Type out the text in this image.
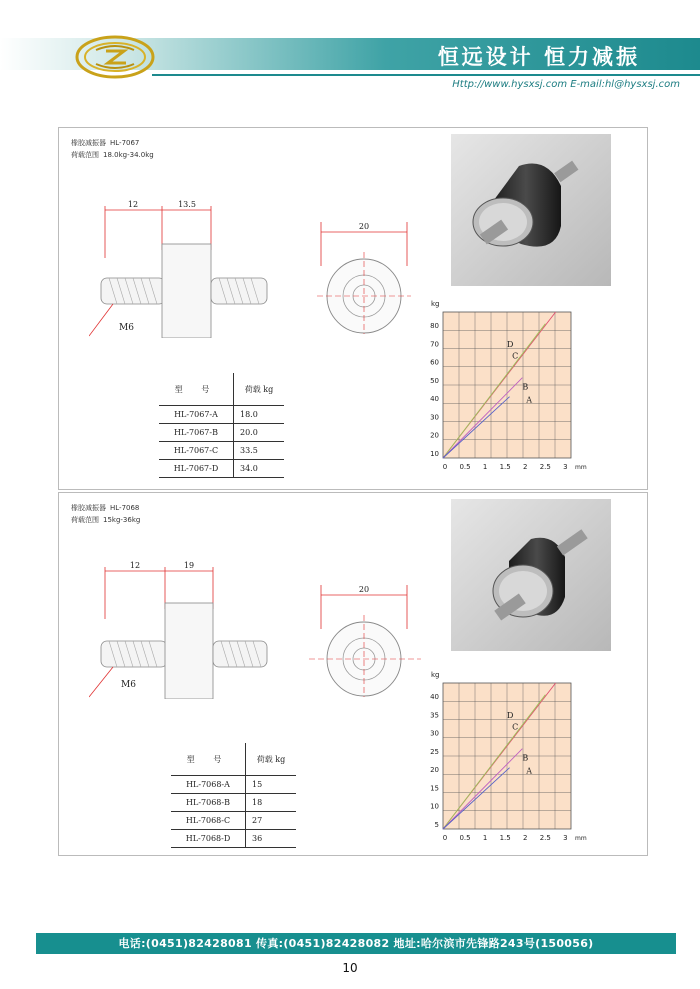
恒远设计 恒力减振
Http://www.hysxsj.com E-mail:hl@hysxsj.com
橡胶减振器 HL-7067
荷载范围 18.0kg-34.0kg
12	13.5
M6
20
型 号	荷载 kg
HL-7067-A	18.0
HL-7067-B	20.0
HL-7067-C	33.5
HL-7067-D	34.0
kg
80
70
60
50
40
30
20
10
0 0.5 1 1.5 2 2.5 3 mm
D
C
B
A
橡胶减振器 HL-7068
荷载范围 15kg-36kg
12	19
M6
20
型 号	荷载 kg
HL-7068-A	15
HL-7068-B	18
HL-7068-C	27
HL-7068-D	36
kg
40
35
30
25
20
15
10
5
0 0.5 1 1.5 2 2.5 3 mm
D
C
B
A
电话:(0451)82428081 传真:(0451)82428082 地址:哈尔滨市先锋路243号(150056)
10
